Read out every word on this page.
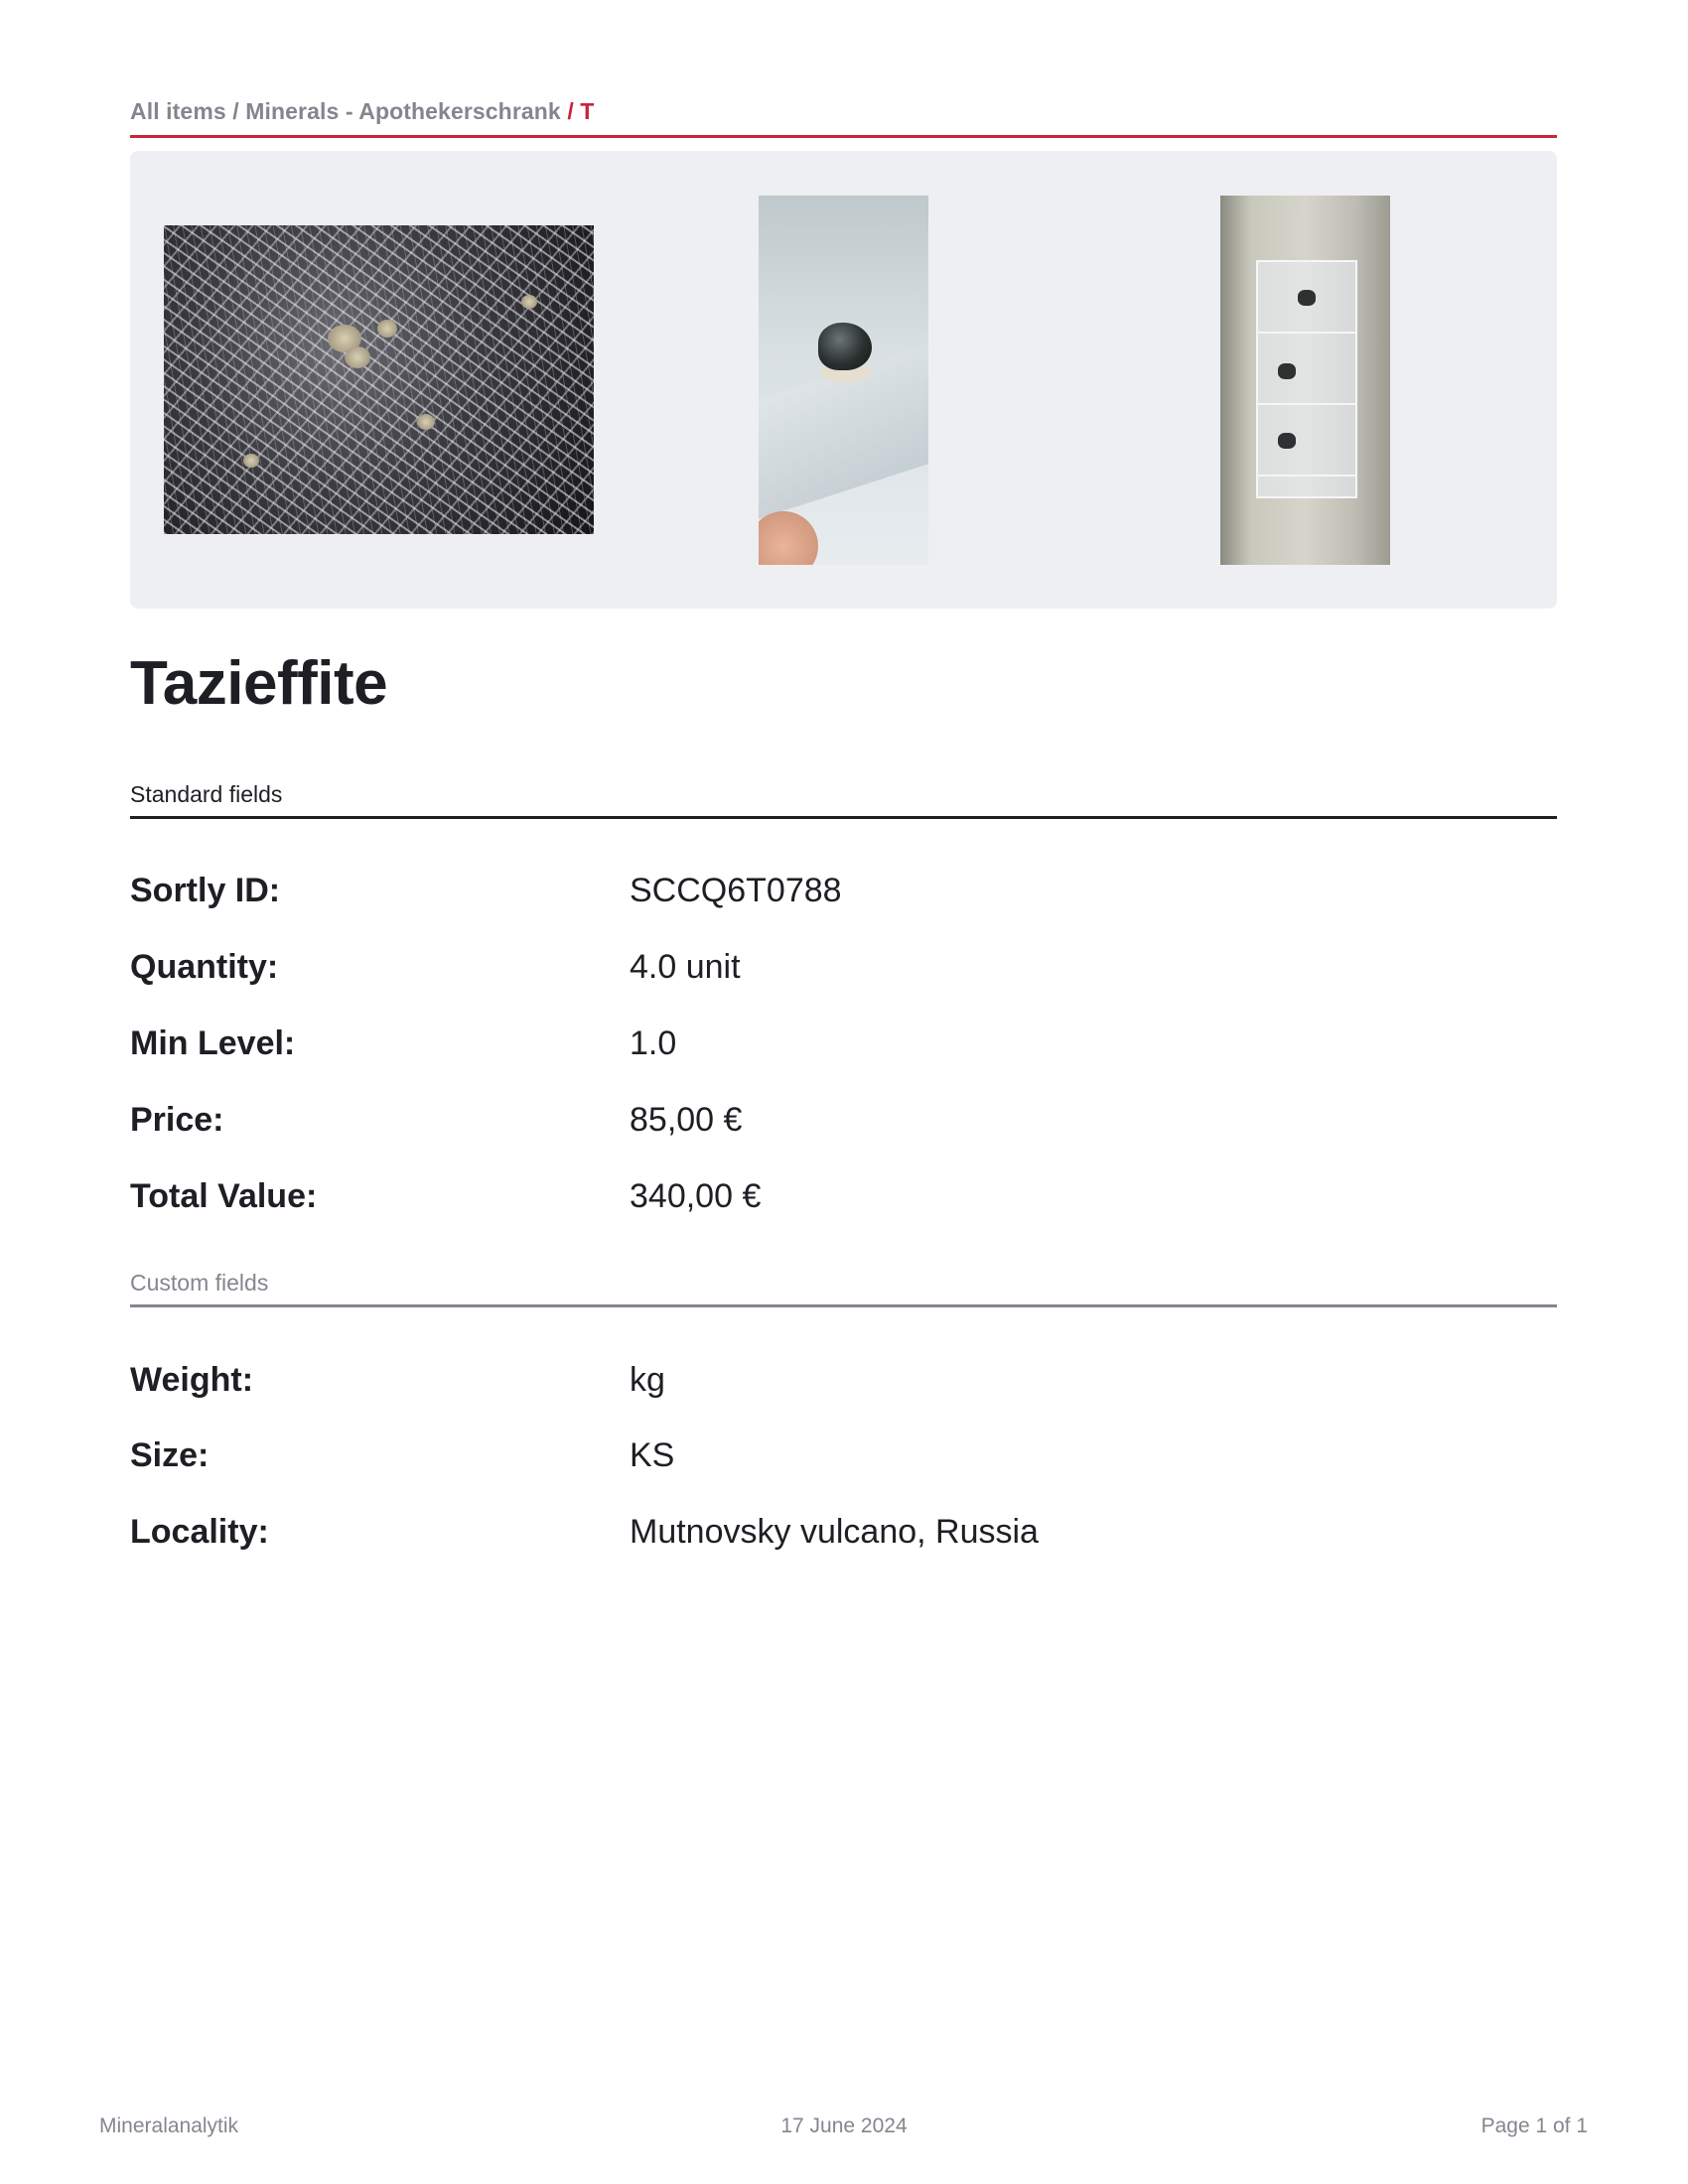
All items / Minerals - Apothekerschrank / T
Tazieffite
Standard fields
Sortly ID:	SCCQ6T0788
Quantity:	4.0 unit
Min Level:	1.0
Price:	85,00 €
Total Value:	340,00 €
Custom fields
Weight:	kg
Size:	KS
Locality:	Mutnovsky vulcano, Russia
Mineralanalytik	17 June 2024	Page 1 of 1
